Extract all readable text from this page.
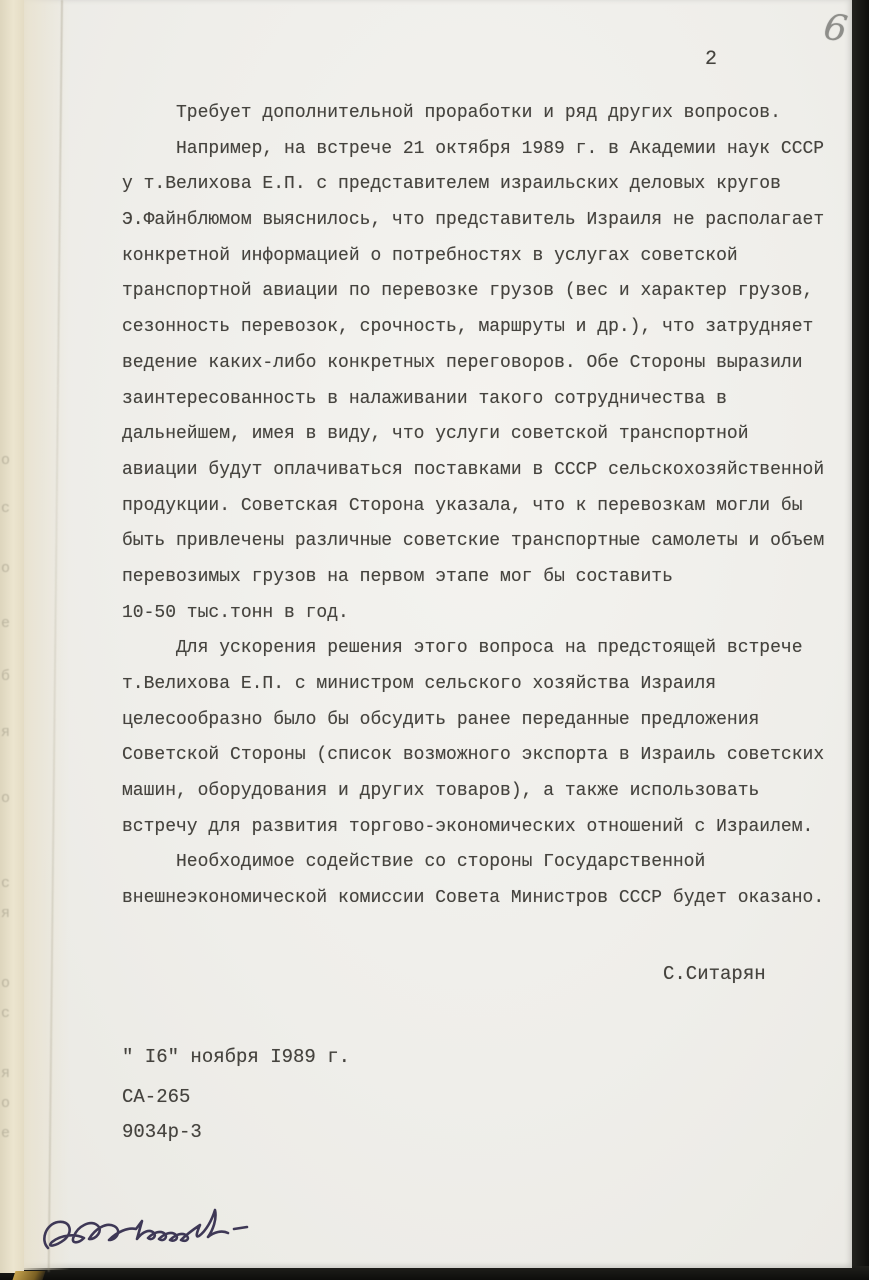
о
с
о
е
б
я
о
с
я
о
с
я
о
е
6
2
Требует дополнительной проработки и ряд других вопросов.
Например, на встрече 21 октября 1989 г. в Академии наук СССР
у т.Велихова Е.П. с представителем израильских деловых кругов
Э.Файнблюмом выяснилось, что представитель Израиля не располагает
конкретной информацией о потребностях в услугах советской
транспортной авиации по перевозке грузов (вес и характер грузов,
сезонность перевозок, срочность, маршруты и др.), что затрудняет
ведение каких-либо конкретных переговоров. Обе Стороны выразили
заинтересованность в налаживании такого сотрудничества в
дальнейшем, имея в виду, что услуги советской транспортной
авиации будут оплачиваться поставками в СССР сельскохозяйственной
продукции. Советская Сторона указала, что к перевозкам могли бы
быть привлечены различные советские транспортные самолеты и объем
перевозимых грузов на первом этапе мог бы составить
10-50 тыс.тонн в год.
Для ускорения решения этого вопроса на предстоящей встрече
т.Велихова Е.П. с министром сельского хозяйства Израиля
целесообразно было бы обсудить ранее переданные предложения
Советской Стороны (список возможного экспорта в Израиль советских
машин, оборудования и других товаров), а также использовать
встречу для развития торгово-экономических отношений с Израилем.
Необходимое содействие со стороны Государственной
внешнеэкономической комиссии Совета Министров СССР будет оказано.
С.Ситарян
" I6" ноября I989 г.
СА-265
9034р-3
